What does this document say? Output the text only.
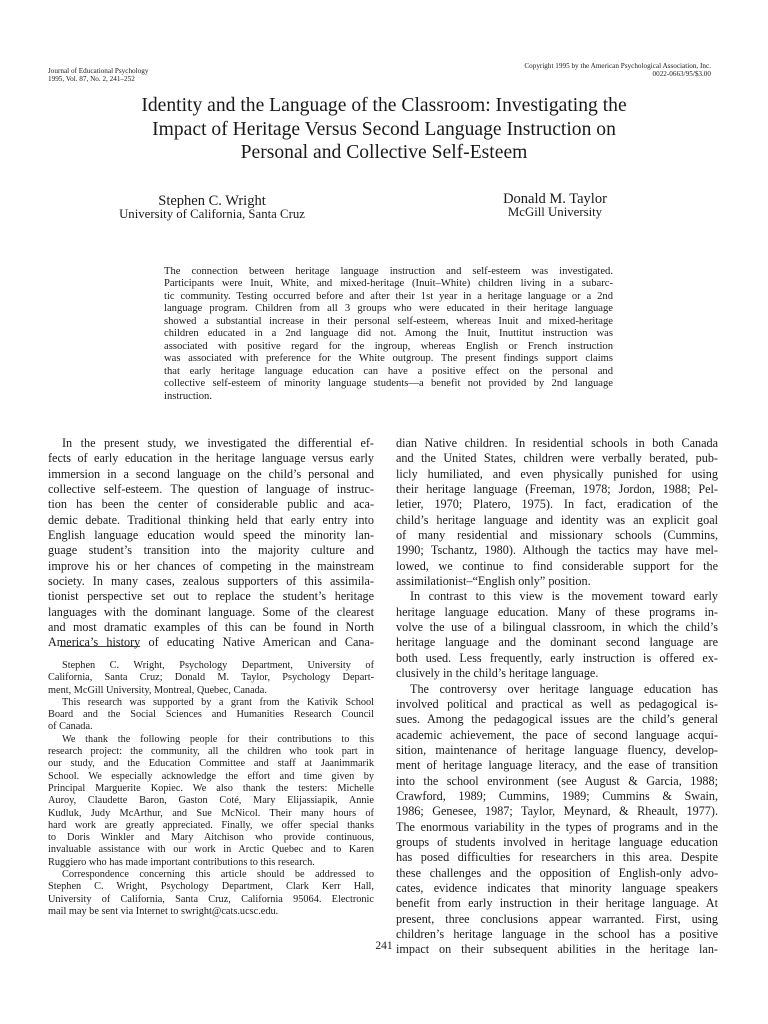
Journal of Educational Psychology
1995, Vol. 87, No. 2, 241–252
Copyright 1995 by the American Psychological Association, Inc.
0022-0663/95/$3.00
Identity and the Language of the Classroom: Investigating the
Impact of Heritage Versus Second Language Instruction on
Personal and Collective Self-Esteem
Stephen C. Wright
University of California, Santa Cruz
Donald M. Taylor
McGill University
The connection between heritage language instruction and self-esteem was investigated.
Participants were Inuit, White, and mixed-heritage (Inuit–White) children living in a subarc-
tic community. Testing occurred before and after their 1st year in a heritage language or a 2nd
language program. Children from all 3 groups who were educated in their heritage language
showed a substantial increase in their personal self-esteem, whereas Inuit and mixed-heritage
children educated in a 2nd language did not. Among the Inuit, Inuttitut instruction was
associated with positive regard for the ingroup, whereas English or French instruction
was associated with preference for the White outgroup. The present findings support claims
that early heritage language education can have a positive effect on the personal and
collective self-esteem of minority language students—a benefit not provided by 2nd language
instruction.
In the present study, we investigated the differential ef-
fects of early education in the heritage language versus early
immersion in a second language on the child’s personal and
collective self-esteem. The question of language of instruc-
tion has been the center of considerable public and aca-
demic debate. Traditional thinking held that early entry into
English language education would speed the minority lan-
guage student’s transition into the majority culture and
improve his or her chances of competing in the mainstream
society. In many cases, zealous supporters of this assimila-
tionist perspective set out to replace the student’s heritage
languages with the dominant language. Some of the clearest
and most dramatic examples of this can be found in North
America’s history of educating Native American and Cana-
Stephen C. Wright, Psychology Department, University of
California, Santa Cruz; Donald M. Taylor, Psychology Depart-
ment, McGill University, Montreal, Quebec, Canada.
This research was supported by a grant from the Kativik School
Board and the Social Sciences and Humanities Research Council
of Canada.
We thank the following people for their contributions to this
research project: the community, all the children who took part in
our study, and the Education Committee and staff at Jaanimmarik
School. We especially acknowledge the effort and time given by
Principal Marguerite Kopiec. We also thank the testers: Michelle
Auroy, Claudette Baron, Gaston Coté, Mary Elijassiapik, Annie
Kudluk, Judy McArthur, and Sue McNicol. Their many hours of
hard work are greatly appreciated. Finally, we offer special thanks
to Doris Winkler and Mary Aitchison who provide continuous,
invaluable assistance with our work in Arctic Quebec and to Karen
Ruggiero who has made important contributions to this research.
Correspondence concerning this article should be addressed to
Stephen C. Wright, Psychology Department, Clark Kerr Hall,
University of California, Santa Cruz, California 95064. Electronic
mail may be sent via Internet to swright@cats.ucsc.edu.
dian Native children. In residential schools in both Canada
and the United States, children were verbally berated, pub-
licly humiliated, and even physically punished for using
their heritage language (Freeman, 1978; Jordon, 1988; Pel-
letier, 1970; Platero, 1975). In fact, eradication of the
child’s heritage language and identity was an explicit goal
of many residential and missionary schools (Cummins,
1990; Tschantz, 1980). Although the tactics may have mel-
lowed, we continue to find considerable support for the
assimilationist–“English only” position.
In contrast to this view is the movement toward early
heritage language education. Many of these programs in-
volve the use of a bilingual classroom, in which the child’s
heritage language and the dominant second language are
both used. Less frequently, early instruction is offered ex-
clusively in the child’s heritage language.
The controversy over heritage language education has
involved political and practical as well as pedagogical is-
sues. Among the pedagogical issues are the child’s general
academic achievement, the pace of second language acqui-
sition, maintenance of heritage language fluency, develop-
ment of heritage language literacy, and the ease of transition
into the school environment (see August & Garcia, 1988;
Crawford, 1989; Cummins, 1989; Cummins & Swain,
1986; Genesee, 1987; Taylor, Meynard, & Rheault, 1977).
The enormous variability in the types of programs and in the
groups of students involved in heritage language education
has posed difficulties for researchers in this area. Despite
these challenges and the opposition of English-only advo-
cates, evidence indicates that minority language speakers
benefit from early instruction in their heritage language. At
present, three conclusions appear warranted. First, using
children’s heritage language in the school has a positive
impact on their subsequent abilities in the heritage lan-
241
